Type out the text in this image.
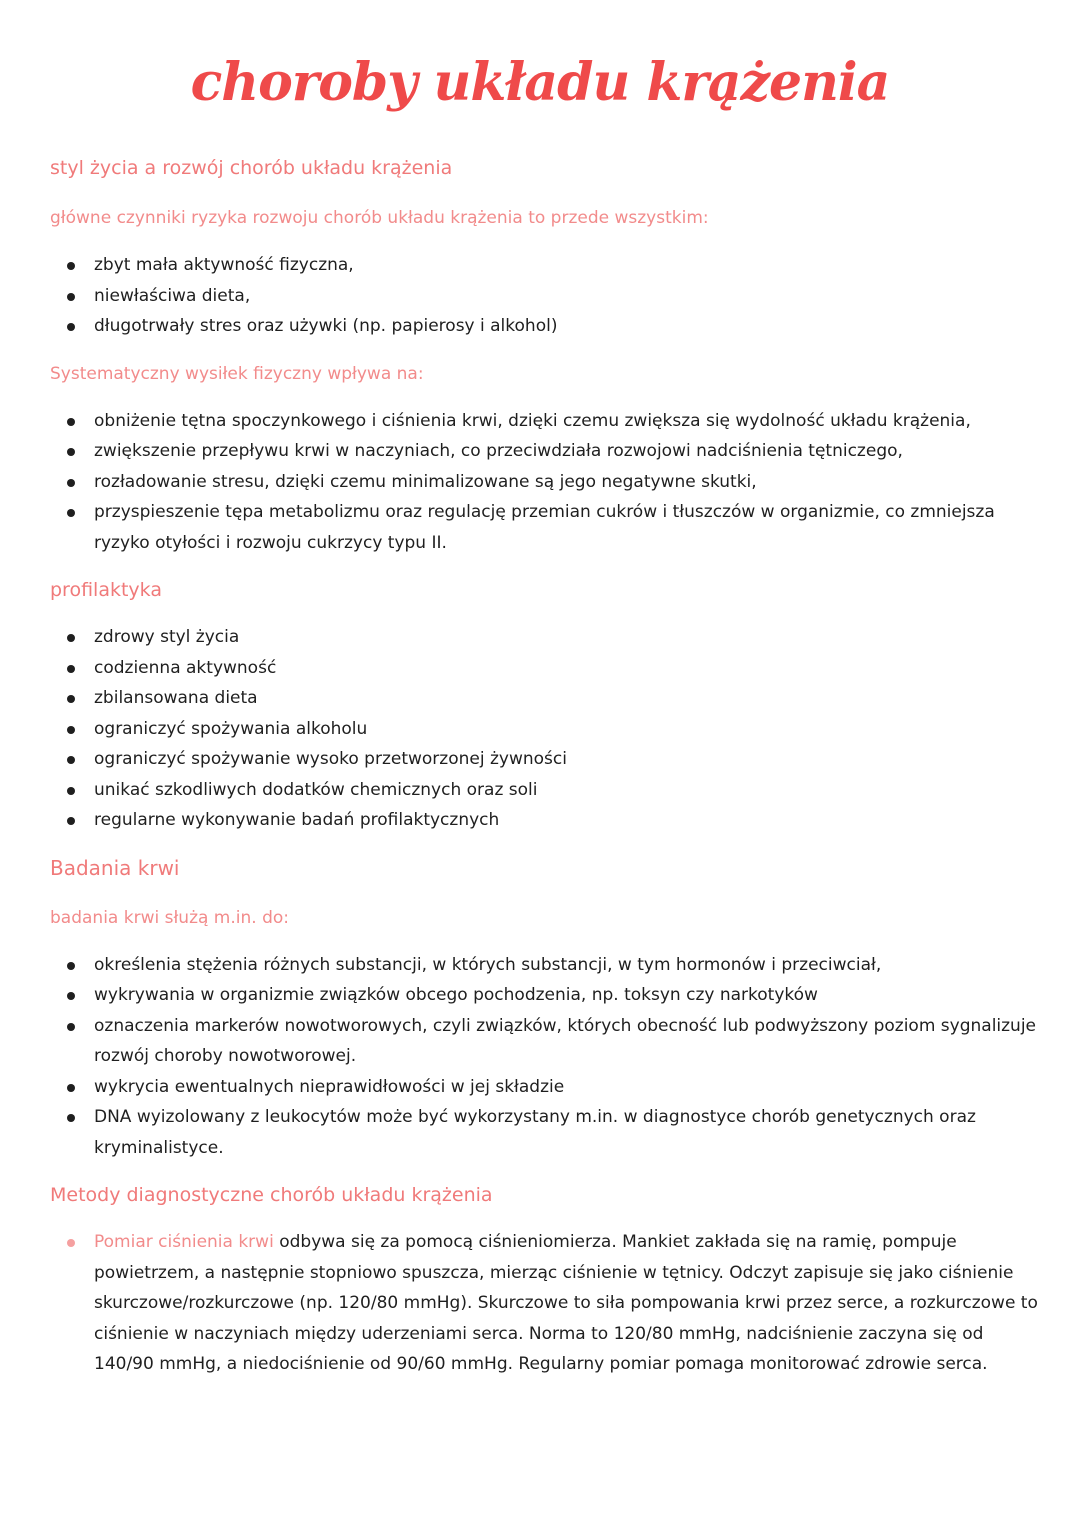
choroby układu krążenia

styl życia a rozwój chorób układu krążenia

główne czynniki ryzyka rozwoju chorób układu krążenia to przede wszystkim:

zbyt mała aktywność fizyczna,
niewłaściwa dieta,
długotrwały stres oraz używki (np. papierosy i alkohol)

Systematyczny wysiłek fizyczny wpływa na:

obniżenie tętna spoczynkowego i ciśnienia krwi, dzięki czemu zwiększa się wydolność układu krążenia,
zwiększenie przepływu krwi w naczyniach, co przeciwdziała rozwojowi nadciśnienia tętniczego,
rozładowanie stresu, dzięki czemu minimalizowane są jego negatywne skutki,
przyspieszenie tępa metabolizmu oraz regulację przemian cukrów i tłuszczów w organizmie, co zmniejsza ryzyko otyłości i rozwoju cukrzycy typu II.

profilaktyka

zdrowy styl życia
codzienna aktywność
zbilansowana dieta
ograniczyć spożywania alkoholu
ograniczyć spożywanie wysoko przetworzonej żywności
unikać szkodliwych dodatków chemicznych oraz soli
regularne wykonywanie badań profilaktycznych

Badania krwi

badania krwi służą m.in. do:

określenia stężenia różnych substancji, w których substancji, w tym hormonów i przeciwciał,
wykrywania w organizmie związków obcego pochodzenia, np. toksyn czy narkotyków
oznaczenia markerów nowotworowych, czyli związków, których obecność lub podwyższony poziom sygnalizuje rozwój choroby nowotworowej.
wykrycia ewentualnych nieprawidłowości w jej składzie
DNA wyizolowany z leukocytów może być wykorzystany m.in. w diagnostyce chorób genetycznych oraz kryminalistyce.

Metody diagnostyczne chorób układu krążenia

Pomiar ciśnienia krwi odbywa się za pomocą ciśnieniomierza. Mankiet zakłada się na ramię, pompuje powietrzem, a następnie stopniowo spuszcza, mierząc ciśnienie w tętnicy. Odczyt zapisuje się jako ciśnienie skurczowe/rozkurczowe (np. 120/80 mmHg). Skurczowe to siła pompowania krwi przez serce, a rozkurczowe to ciśnienie w naczyniach między uderzeniami serca. Norma to 120/80 mmHg, nadciśnienie zaczyna się od 140/90 mmHg, a niedociśnienie od 90/60 mmHg. Regularny pomiar pomaga monitorować zdrowie serca.
